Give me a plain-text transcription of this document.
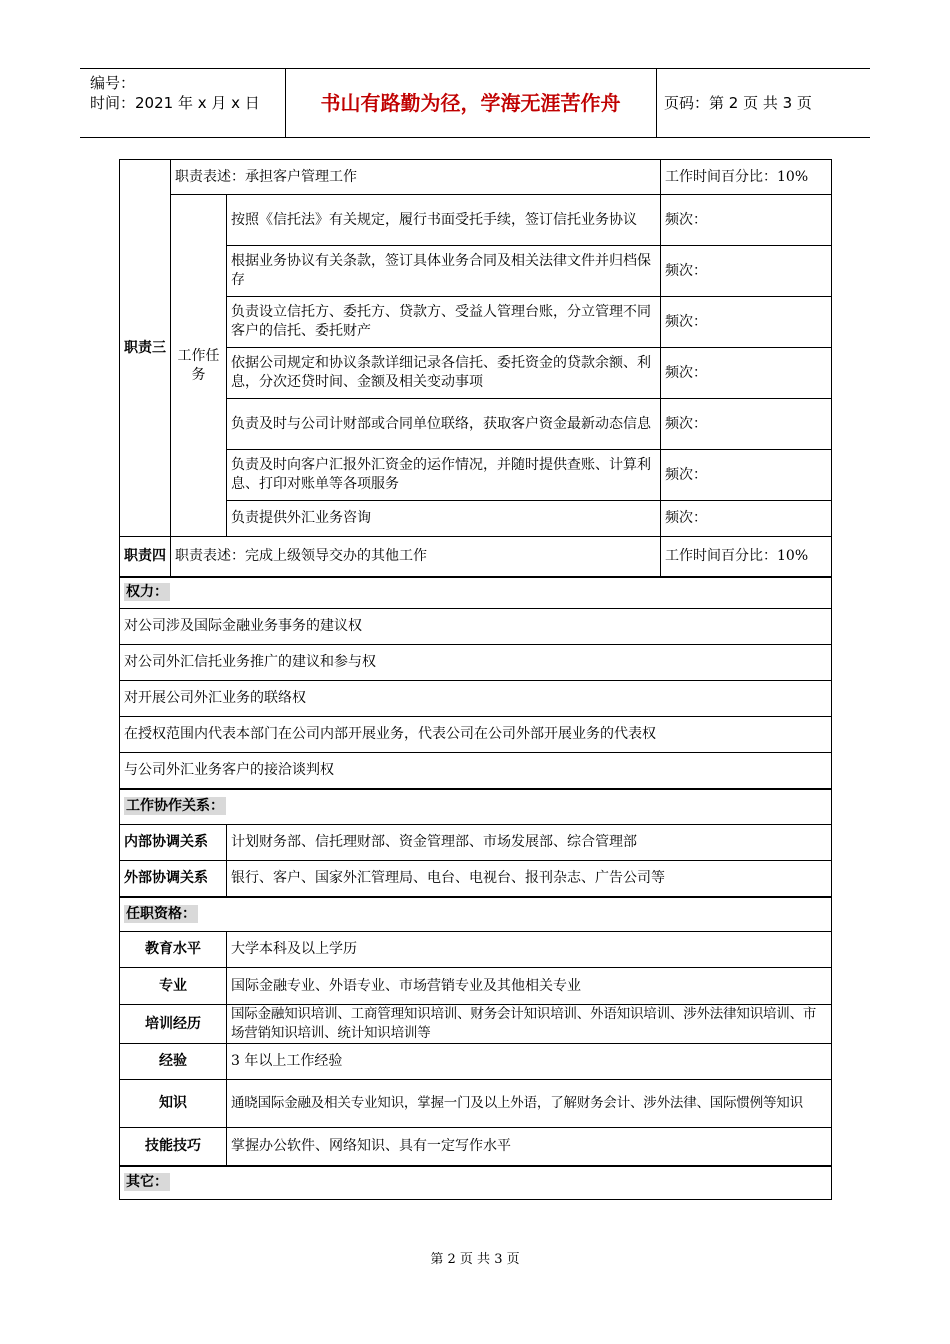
编号：
时间：2021 年 x 月 x 日	书山有路勤为径，学海无涯苦作舟	页码：第 2 页 共 3 页
职责三	职责表述：承担客户管理工作		工作时间百分比：10%
	工作任务	按照《信托法》有关规定，履行书面受托手续，签订信托业务协议	频次：
		根据业务协议有关条款，签订具体业务合同及相关法律文件并归档保存	频次：
		负责设立信托方、委托方、贷款方、受益人管理台账，分立管理不同客户的信托、委托财产	频次：
		依据公司规定和协议条款详细记录各信托、委托资金的贷款余额、利息，分次还贷时间、金额及相关变动事项	频次：
		负责及时与公司计财部或合同单位联络，获取客户资金最新动态信息	频次：
		负责及时向客户汇报外汇资金的运作情况，并随时提供查账、计算利息、打印对账单等各项服务	频次：
		负责提供外汇业务咨询	频次：
职责四	职责表述：完成上级领导交办的其他工作		工作时间百分比：10%
权力：			
对公司涉及国际金融业务事务的建议权			
对公司外汇信托业务推广的建议和参与权			
对开展公司外汇业务的联络权			
在授权范围内代表本部门在公司内部开展业务，代表公司在公司外部开展业务的代表权			
与公司外汇业务客户的接洽谈判权			
工作协作关系：			
内部协调关系		计划财务部、信托理财部、资金管理部、市场发展部、综合管理部	
外部协调关系		银行、客户、国家外汇管理局、电台、电视台、报刊杂志、广告公司等	
任职资格：			
教育水平		大学本科及以上学历	
专业		国际金融专业、外语专业、市场营销专业及其他相关专业	
培训经历		国际金融知识培训、工商管理知识培训、财务会计知识培训、外语知识培训、涉外法律知识培训、市场营销知识培训、统计知识培训等	
经验		3 年以上工作经验	
知识		通晓国际金融及相关专业知识，掌握一门及以上外语，了解财务会计、涉外法律、国际惯例等知识	
技能技巧		掌握办公软件、网络知识、具有一定写作水平	
其它：			
第 2 页 共 3 页
